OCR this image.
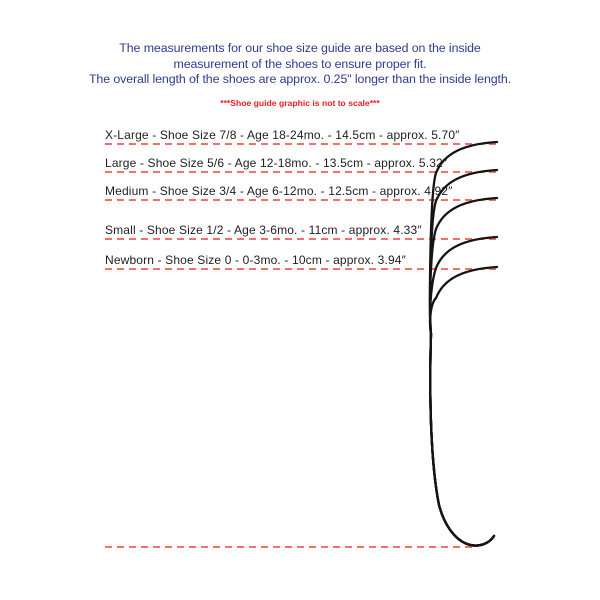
The measurements for our shoe size guide are based on the inside
measurement of the shoes to ensure proper fit.
The overall length of the shoes are approx. 0.25" longer than the inside length.
***Shoe guide graphic is not to scale***
X-Large - Shoe Size 7/8 - Age 18-24mo. - 14.5cm - approx. 5.70″
Large - Shoe Size 5/6 - Age 12-18mo. - 13.5cm - approx. 5.32″
Medium - Shoe Size 3/4 - Age 6-12mo. - 12.5cm - approx. 4.92″
Small - Shoe Size 1/2 - Age 3-6mo. - 11cm - approx. 4.33″
Newborn - Shoe Size 0 - 0-3mo. - 10cm - approx. 3.94″
